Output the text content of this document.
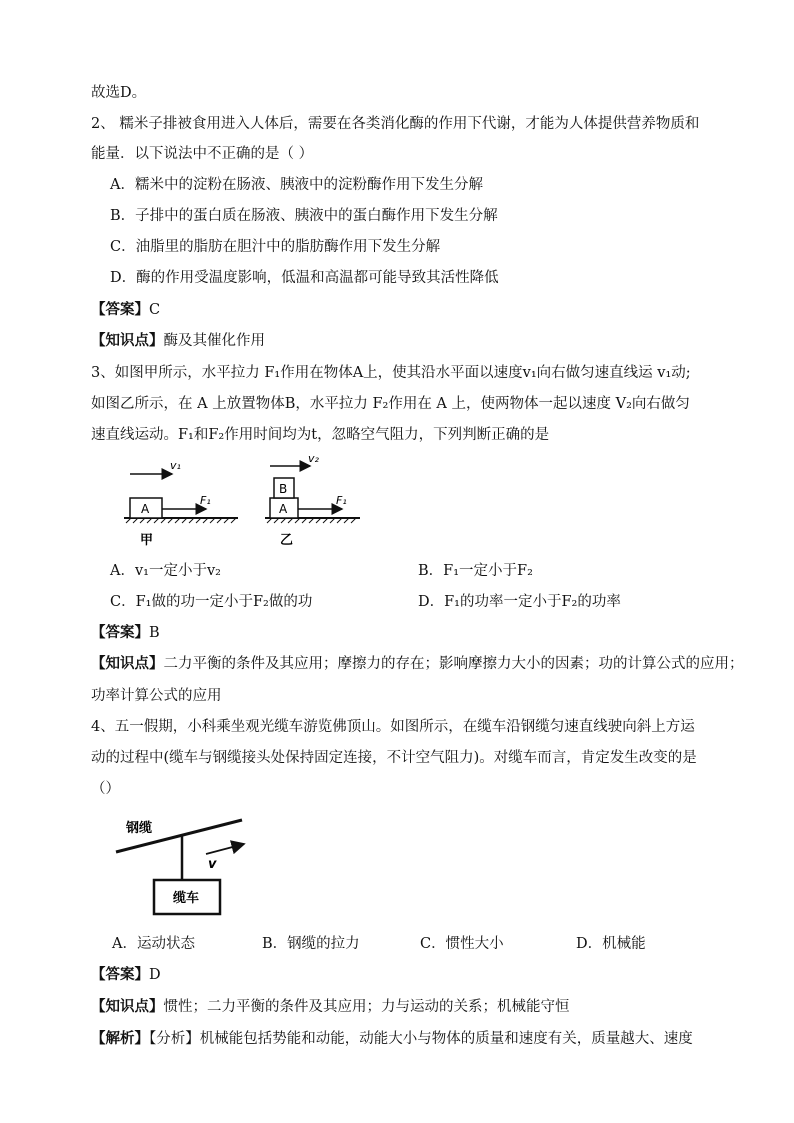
故选D。
2、 糯米子排被食用进入人体后，需要在各类消化酶的作用下代谢，才能为人体提供营养物质和
能量．以下说法中不正确的是（ ）
A．糯米中的淀粉在肠液、胰液中的淀粉酶作用下发生分解
B．子排中的蛋白质在肠液、胰液中的蛋白酶作用下发生分解
C．油脂里的脂肪在胆汁中的脂肪酶作用下发生分解
D．酶的作用受温度影响，低温和高温都可能导致其活性降低
【答案】C
【知识点】酶及其催化作用
3、如图甲所示，水平拉力 F₁作用在物体A上，使其沿水平面以速度v₁向右做匀速直线运 v₁动;
如图乙所示，在 A 上放置物体B，水平拉力 F₂作用在 A 上，使两物体一起以速度 V₂向右做匀
速直线运动。F₁和F₂作用时间均为t，忽略空气阻力，下列判断正确的是
A
v₁
F₁
甲
A
B
v₂
F₁
乙
A．v₁一定小于v₂	B．F₁一定小于F₂
C．F₁做的功一定小于F₂做的功	D．F₁的功率一定小于F₂的功率
【答案】B
【知识点】二力平衡的条件及其应用；摩擦力的存在；影响摩擦力大小的因素；功的计算公式的应用；
功率计算公式的应用
4、五一假期，小科乘坐观光缆车游览佛顶山。如图所示，在缆车沿钢缆匀速直线驶向斜上方运
动的过程中(缆车与钢缆接头处保持固定连接，不计空气阻力)。对缆车而言，肯定发生改变的是
（）
钢缆
v
缆车
A．运动状态	B．钢缆的拉力	C．惯性大小	D．机械能
【答案】D
【知识点】惯性；二力平衡的条件及其应用；力与运动的关系；机械能守恒
【解析】【分析】机械能包括势能和动能，动能大小与物体的质量和速度有关，质量越大、速度
